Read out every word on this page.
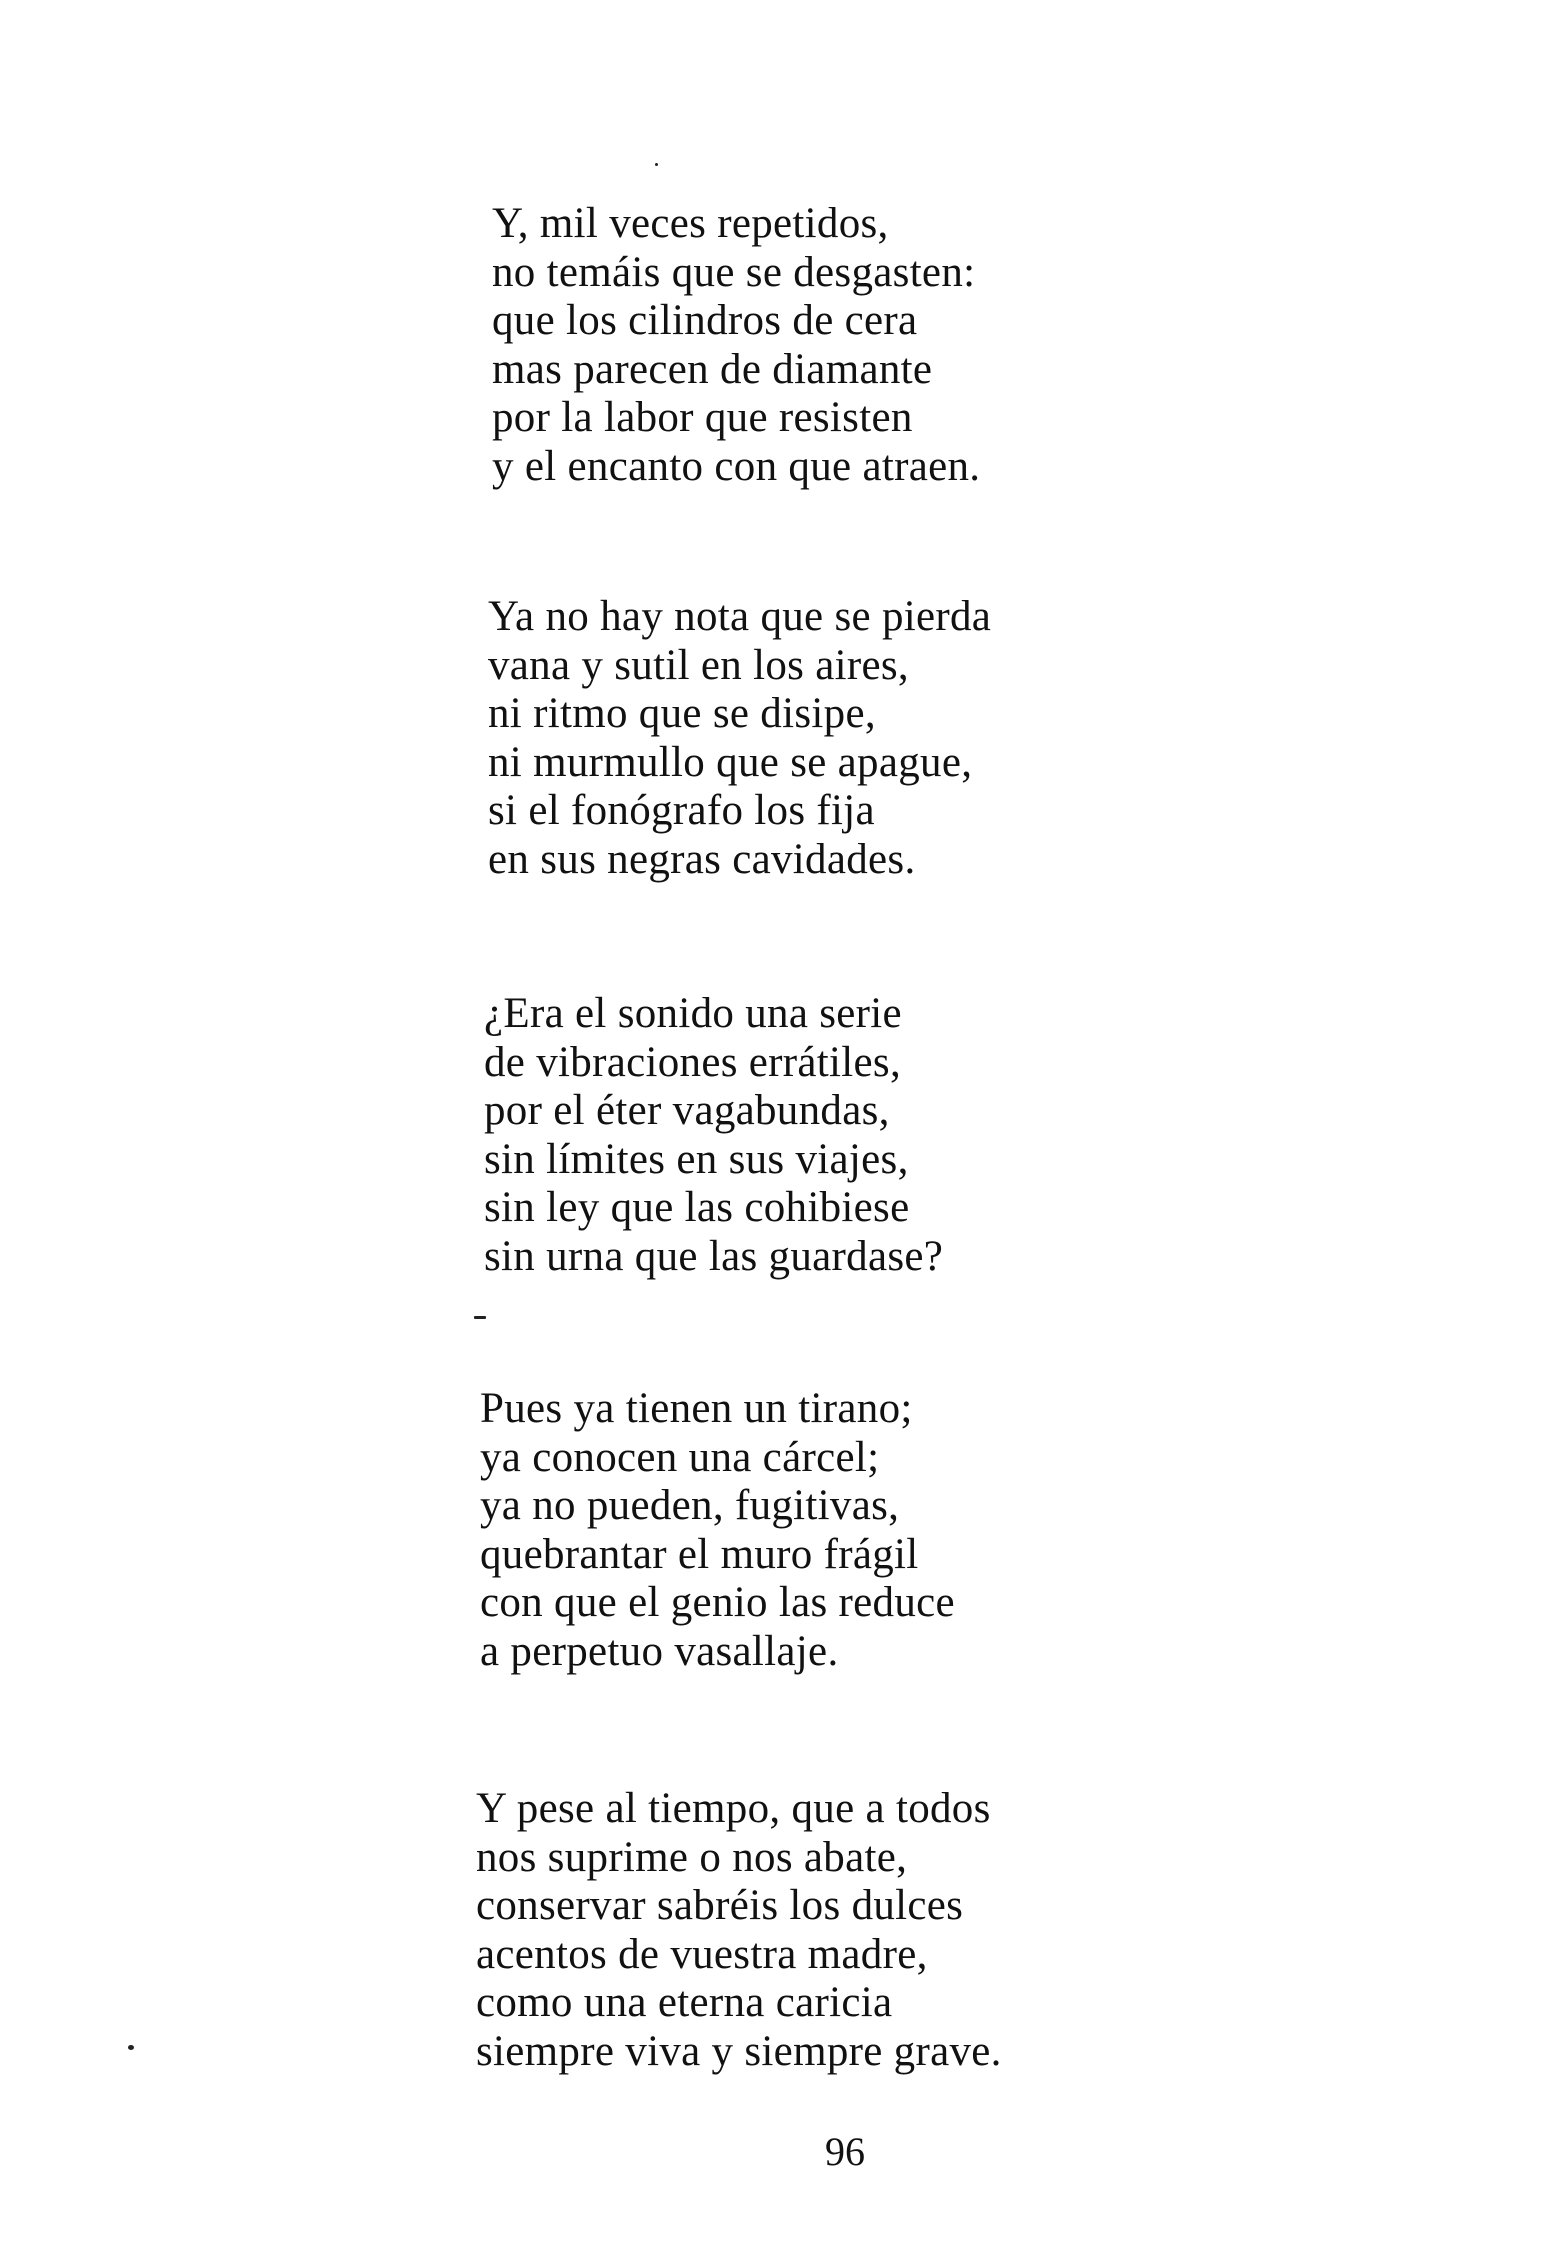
Y, mil veces repetidos,
no temáis que se desgasten:
que los cilindros de cera
mas parecen de diamante
por la labor que resisten
y el encanto con que atraen.
Ya no hay nota que se pierda
vana y sutil en los aires,
ni ritmo que se disipe,
ni murmullo que se apague,
si el fonógrafo los fija
en sus negras cavidades.
¿Era el sonido una serie
de vibraciones errátiles,
por el éter vagabundas,
sin límites en sus viajes,
sin ley que las cohibiese
sin urna que las guardase?
Pues ya tienen un tirano;
ya conocen una cárcel;
ya no pueden, fugitivas,
quebrantar el muro frágil
con que el genio las reduce
a perpetuo vasallaje.
Y pese al tiempo, que a todos
nos suprime o nos abate,
conservar sabréis los dulces
acentos de vuestra madre,
como una eterna caricia
siempre viva y siempre grave.
96
